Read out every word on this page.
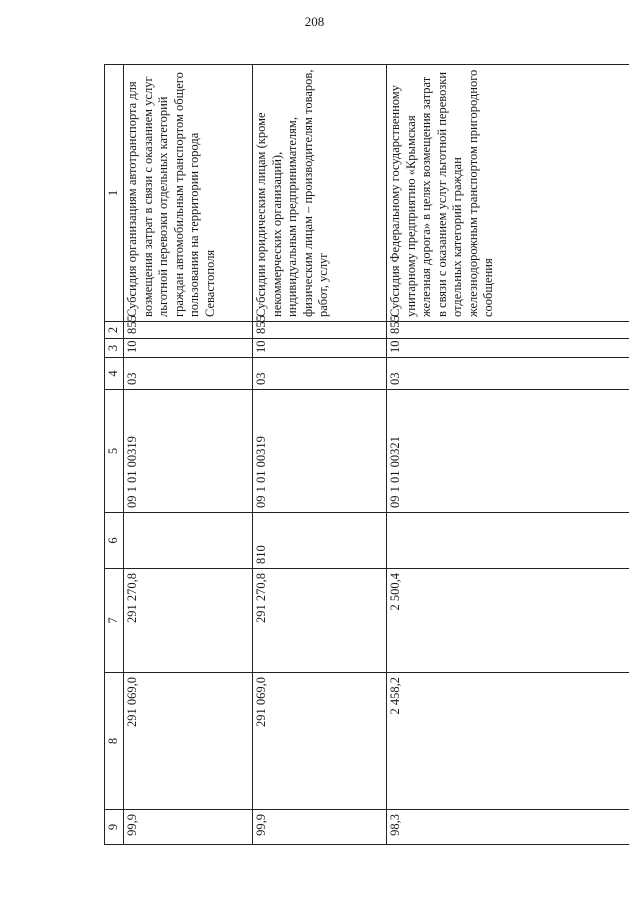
208
9	8	7	6	5	4	3	2	1
99,9	291 069,0	291 270,8		09 1 01 00319	03	10	855	Субсидия организациям автотранспорта для возмещения затрат в связи с оказанием услуг льготной перевозки отдельных категорий граждан автомобильным транспортом общего пользования на территории города Севастополя
99,9	291 069,0	291 270,8	810	09 1 01 00319	03	10	855	Субсидии юридическим лицам (кроме некоммерческих организаций), индивидуальным предпринимателям, физическим лицам – производителям товаров, работ, услуг
98,3	2 458,2	2 500,4		09 1 01 00321	03	10	855	Субсидия Федеральному государственному унитарному предприятию «Крымская железная дорога» в целях возмещения затрат в связи с оказанием услуг льготной перевозки отдельных категорий граждан железнодорожным транспортом пригородного сообщения
